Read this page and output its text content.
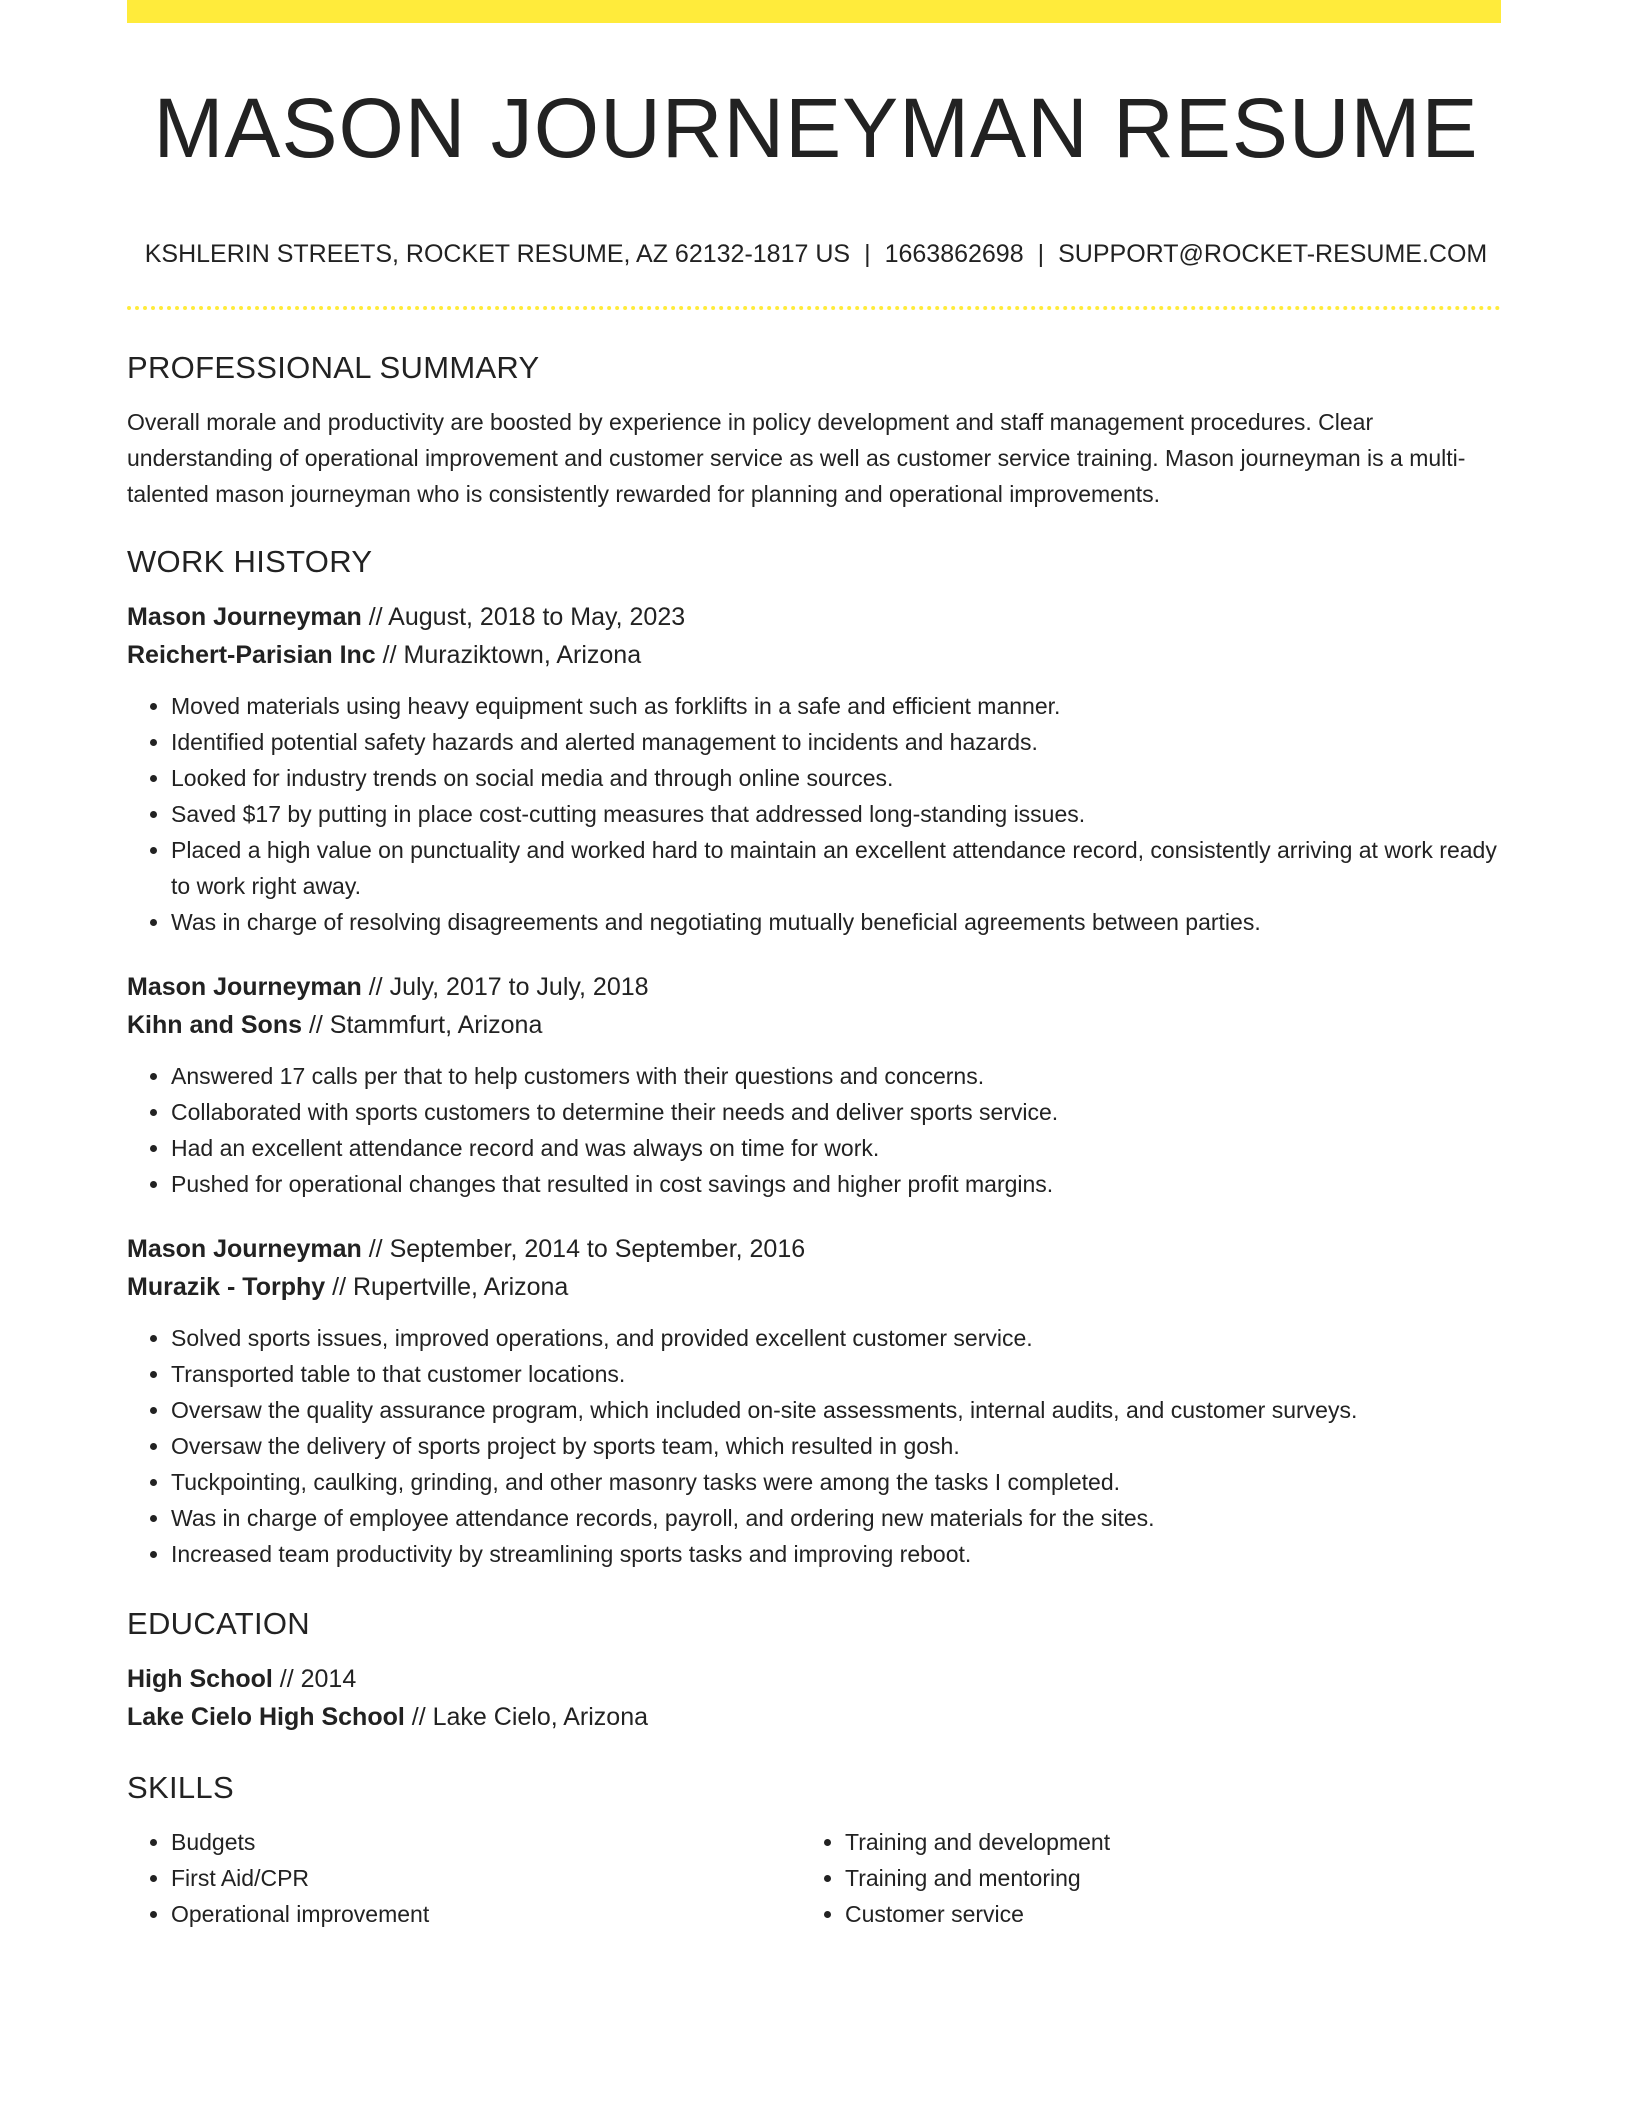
MASON JOURNEYMAN RESUME
KSHLERIN STREETS, ROCKET RESUME, AZ 62132-1817 US | 1663862698 | SUPPORT@ROCKET-RESUME.COM
PROFESSIONAL SUMMARY

Overall morale and productivity are boosted by experience in policy development and staff management procedures. Clear understanding of operational improvement and customer service as well as customer service training. Mason journeyman is a multi-talented mason journeyman who is consistently rewarded for planning and operational improvements.

WORK HISTORY
Mason Journeyman // August, 2018 to May, 2023
Reichert-Parisian Inc // Muraziktown, Arizona
• Moved materials using heavy equipment such as forklifts in a safe and efficient manner.
• Identified potential safety hazards and alerted management to incidents and hazards.
• Looked for industry trends on social media and through online sources.
• Saved $17 by putting in place cost-cutting measures that addressed long-standing issues.
• Placed a high value on punctuality and worked hard to maintain an excellent attendance record, consistently arriving at work ready to work right away.
• Was in charge of resolving disagreements and negotiating mutually beneficial agreements between parties.
Mason Journeyman // July, 2017 to July, 2018
Kihn and Sons // Stammfurt, Arizona
• Answered 17 calls per that to help customers with their questions and concerns.
• Collaborated with sports customers to determine their needs and deliver sports service.
• Had an excellent attendance record and was always on time for work.
• Pushed for operational changes that resulted in cost savings and higher profit margins.
Mason Journeyman // September, 2014 to September, 2016
Murazik - Torphy // Rupertville, Arizona
• Solved sports issues, improved operations, and provided excellent customer service.
• Transported table to that customer locations.
• Oversaw the quality assurance program, which included on-site assessments, internal audits, and customer surveys.
• Oversaw the delivery of sports project by sports team, which resulted in gosh.
• Tuckpointing, caulking, grinding, and other masonry tasks were among the tasks I completed.
• Was in charge of employee attendance records, payroll, and ordering new materials for the sites.
• Increased team productivity by streamlining sports tasks and improving reboot.
EDUCATION
High School // 2014
Lake Cielo High School // Lake Cielo, Arizona
SKILLS
• Budgets
• First Aid/CPR
• Operational improvement
• Training and development
• Training and mentoring
• Customer service
